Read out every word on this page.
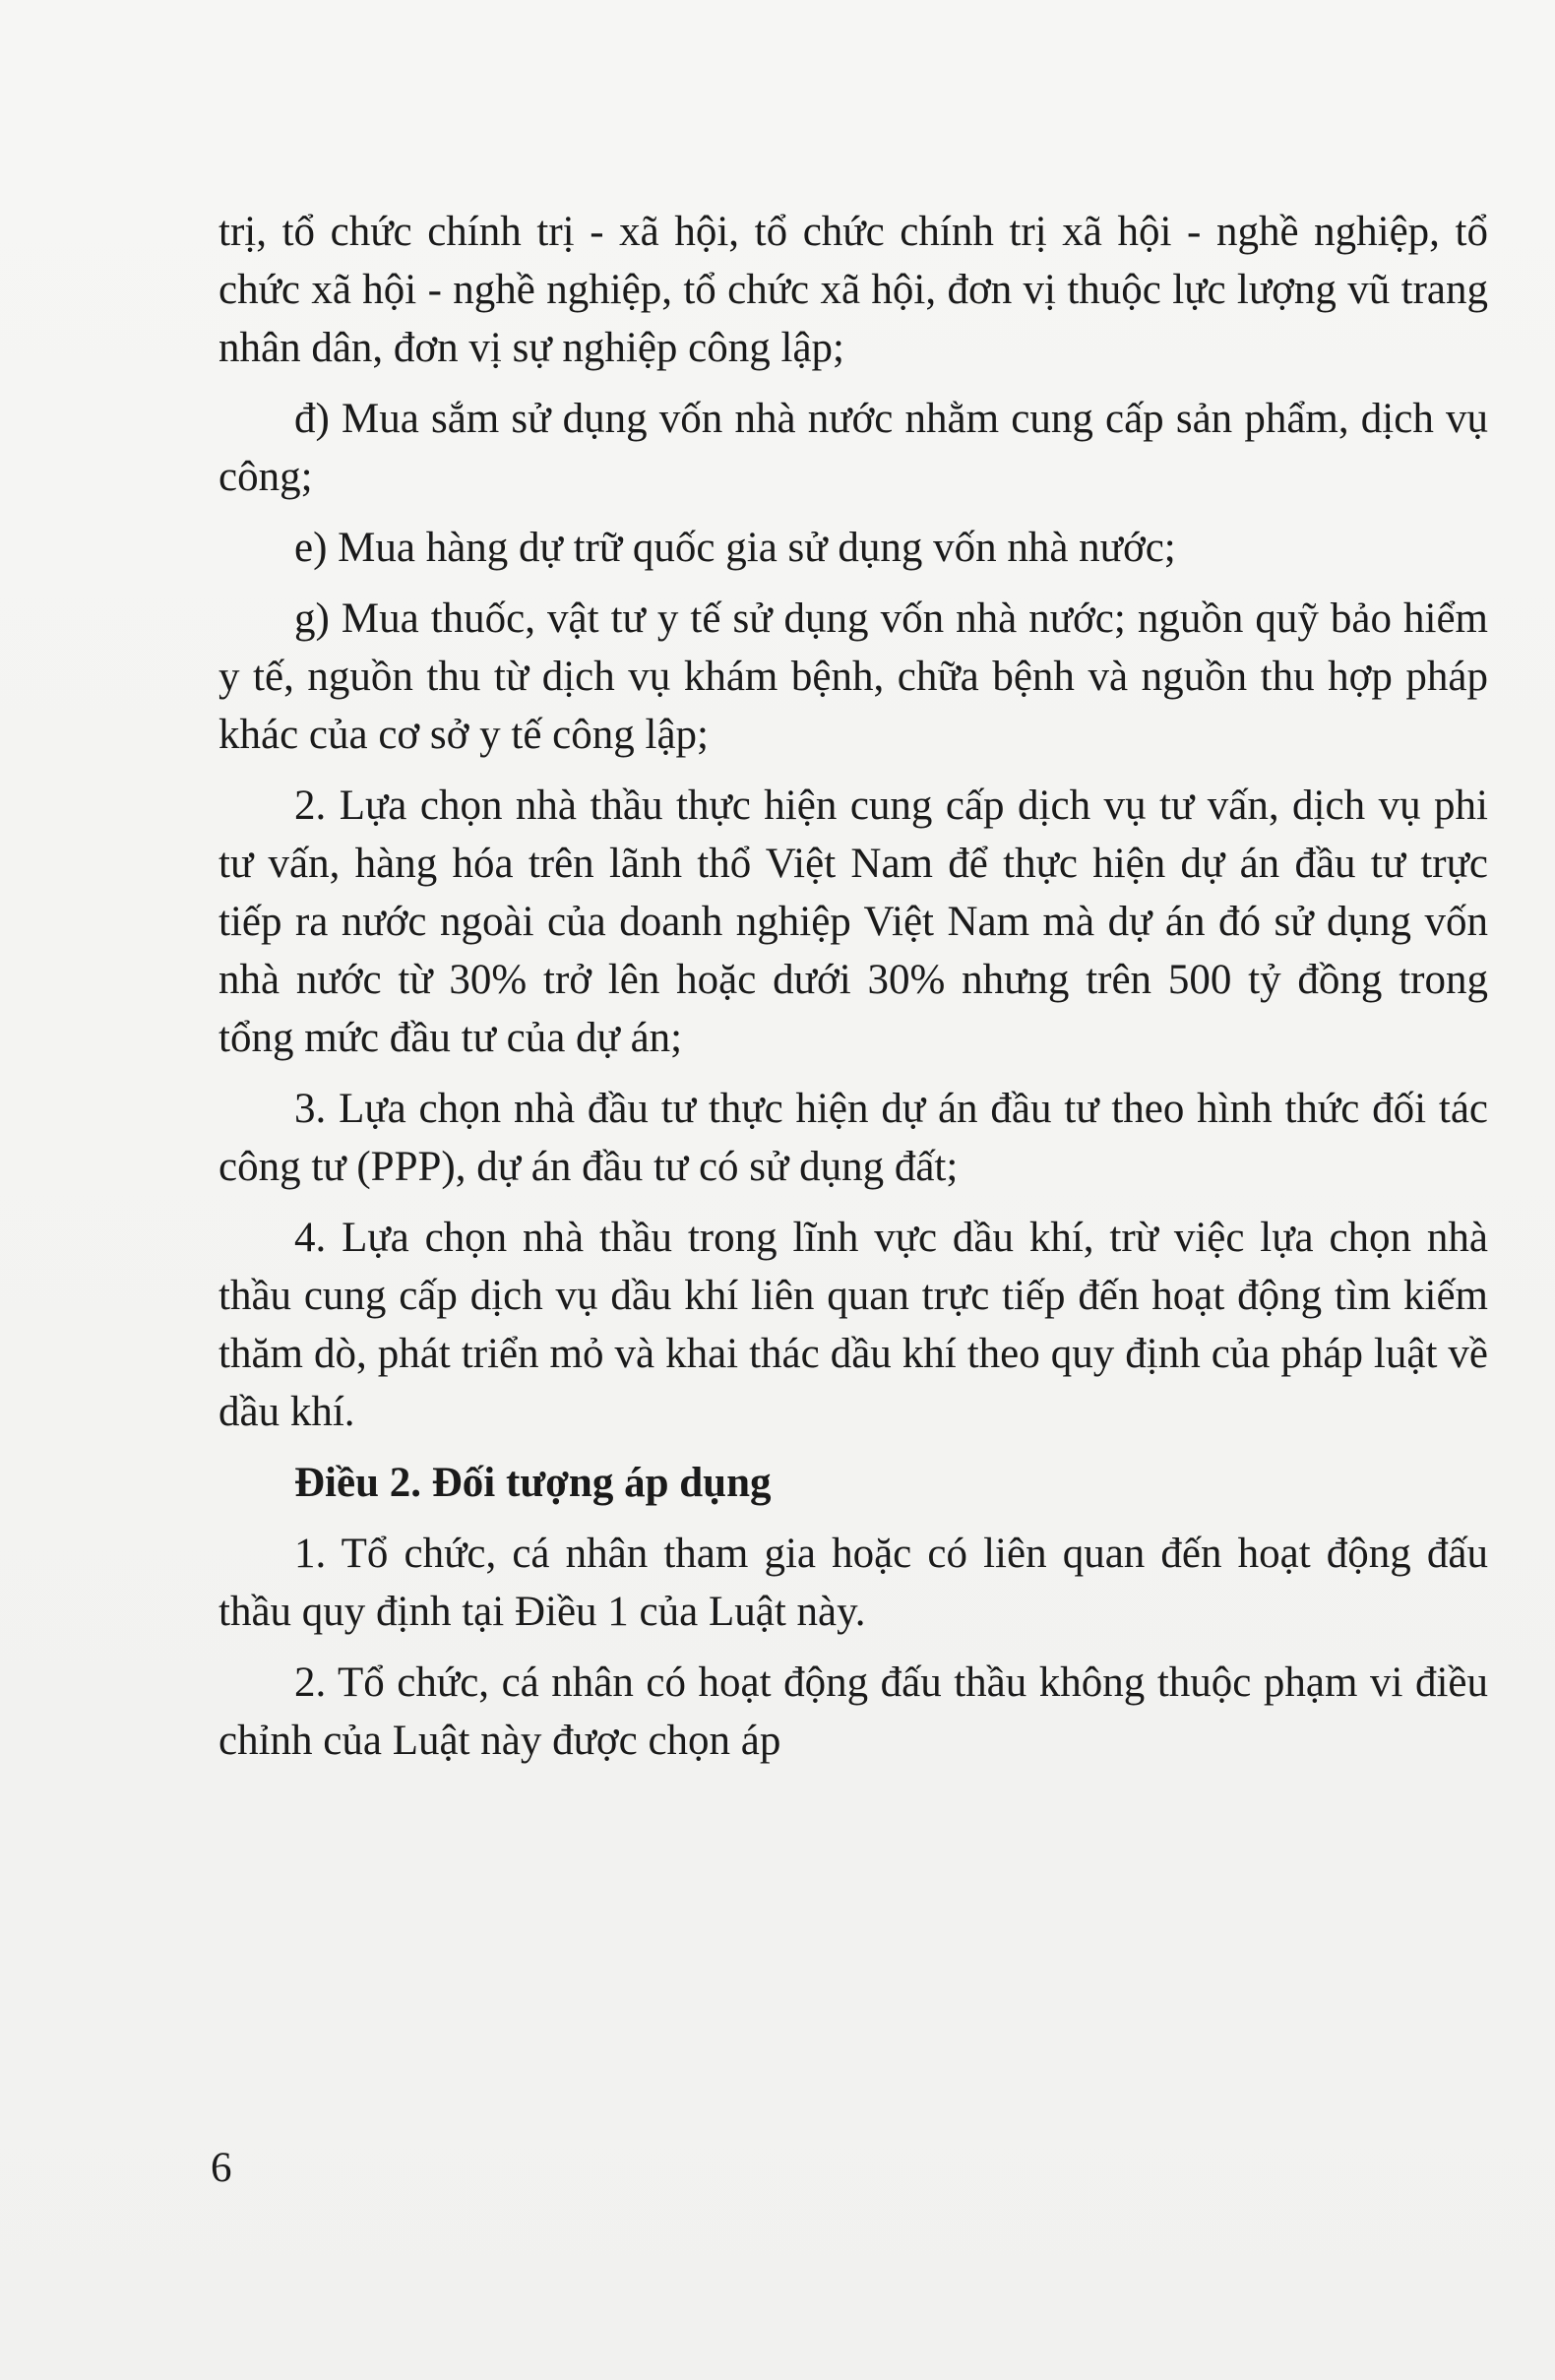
trị, tổ chức chính trị - xã hội, tổ chức chính trị xã hội - nghề nghiệp, tổ chức xã hội - nghề nghiệp, tổ chức xã hội, đơn vị thuộc lực lượng vũ trang nhân dân, đơn vị sự nghiệp công lập;

đ) Mua sắm sử dụng vốn nhà nước nhằm cung cấp sản phẩm, dịch vụ công;

e) Mua hàng dự trữ quốc gia sử dụng vốn nhà nước;

g) Mua thuốc, vật tư y tế sử dụng vốn nhà nước; nguồn quỹ bảo hiểm y tế, nguồn thu từ dịch vụ khám bệnh, chữa bệnh và nguồn thu hợp pháp khác của cơ sở y tế công lập;

2. Lựa chọn nhà thầu thực hiện cung cấp dịch vụ tư vấn, dịch vụ phi tư vấn, hàng hóa trên lãnh thổ Việt Nam để thực hiện dự án đầu tư trực tiếp ra nước ngoài của doanh nghiệp Việt Nam mà dự án đó sử dụng vốn nhà nước từ 30% trở lên hoặc dưới 30% nhưng trên 500 tỷ đồng trong tổng mức đầu tư của dự án;

3. Lựa chọn nhà đầu tư thực hiện dự án đầu tư theo hình thức đối tác công tư (PPP), dự án đầu tư có sử dụng đất;

4. Lựa chọn nhà thầu trong lĩnh vực dầu khí, trừ việc lựa chọn nhà thầu cung cấp dịch vụ dầu khí liên quan trực tiếp đến hoạt động tìm kiếm thăm dò, phát triển mỏ và khai thác dầu khí theo quy định của pháp luật về dầu khí.

Điều 2. Đối tượng áp dụng

1. Tổ chức, cá nhân tham gia hoặc có liên quan đến hoạt động đấu thầu quy định tại Điều 1 của Luật này.

2. Tổ chức, cá nhân có hoạt động đấu thầu không thuộc phạm vi điều chỉnh của Luật này được chọn áp

6
